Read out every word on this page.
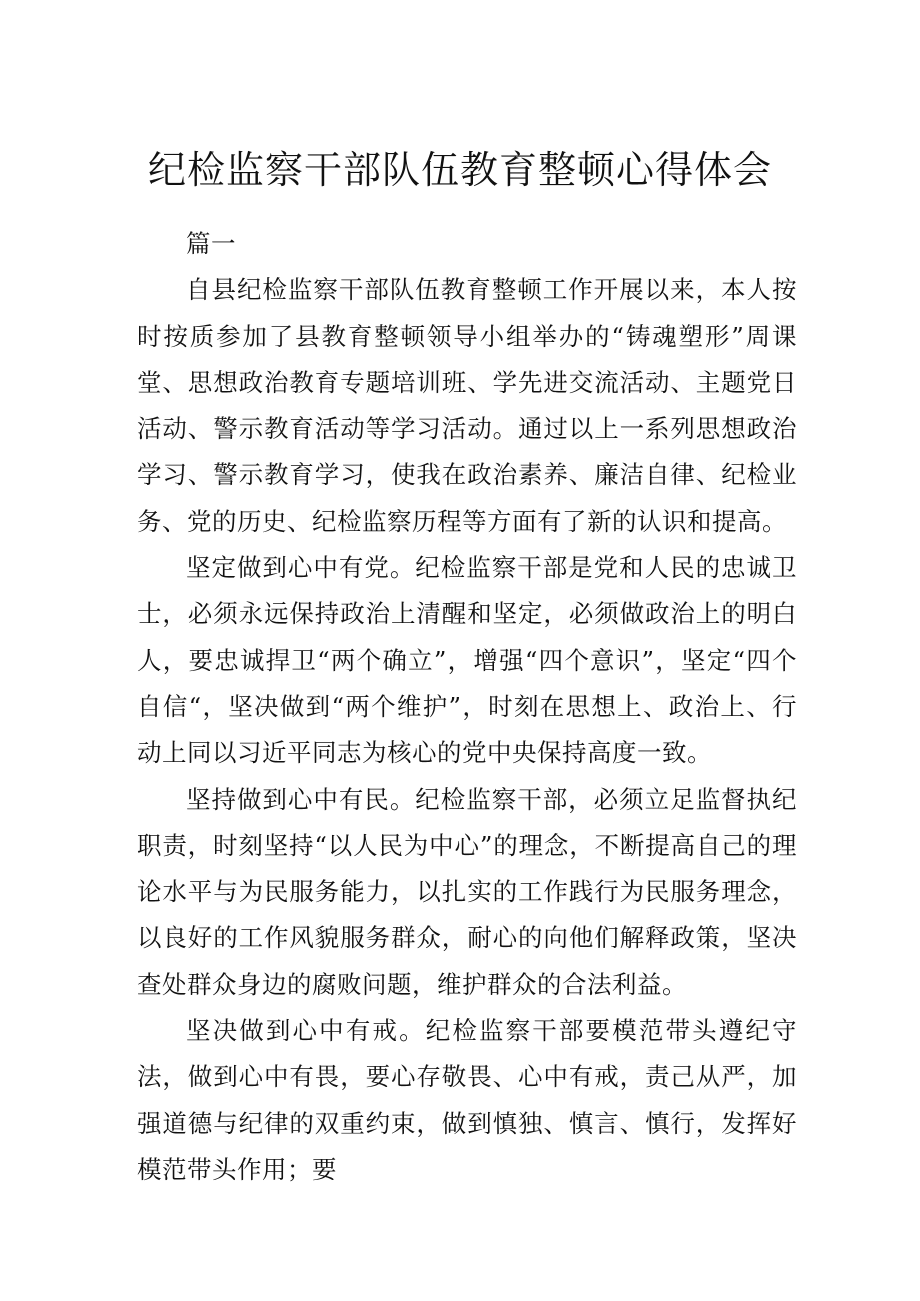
纪检监察干部队伍教育整顿心得体会

篇一

自县纪检监察干部队伍教育整顿工作开展以来，本人按时按质参加了县教育整顿领导小组举办的“铸魂塑形”周课堂、思想政治教育专题培训班、学先进交流活动、主题党日活动、警示教育活动等学习活动。通过以上一系列思想政治学习、警示教育学习，使我在政治素养、廉洁自律、纪检业务、党的历史、纪检监察历程等方面有了新的认识和提高。

坚定做到心中有党。纪检监察干部是党和人民的忠诚卫士，必须永远保持政治上清醒和坚定，必须做政治上的明白人，要忠诚捍卫“两个确立”，增强“四个意识”，坚定“四个自信“，坚决做到“两个维护”，时刻在思想上、政治上、行动上同以习近平同志为核心的党中央保持高度一致。

坚持做到心中有民。纪检监察干部，必须立足监督执纪职责，时刻坚持“以人民为中心”的理念，不断提高自己的理论水平与为民服务能力，以扎实的工作践行为民服务理念，以良好的工作风貌服务群众，耐心的向他们解释政策，坚决查处群众身边的腐败问题，维护群众的合法利益。

坚决做到心中有戒。纪检监察干部要模范带头遵纪守法，做到心中有畏，要心存敬畏、心中有戒，责己从严，加强道德与纪律的双重约束，做到慎独、慎言、慎行，发挥好模范带头作用；要
